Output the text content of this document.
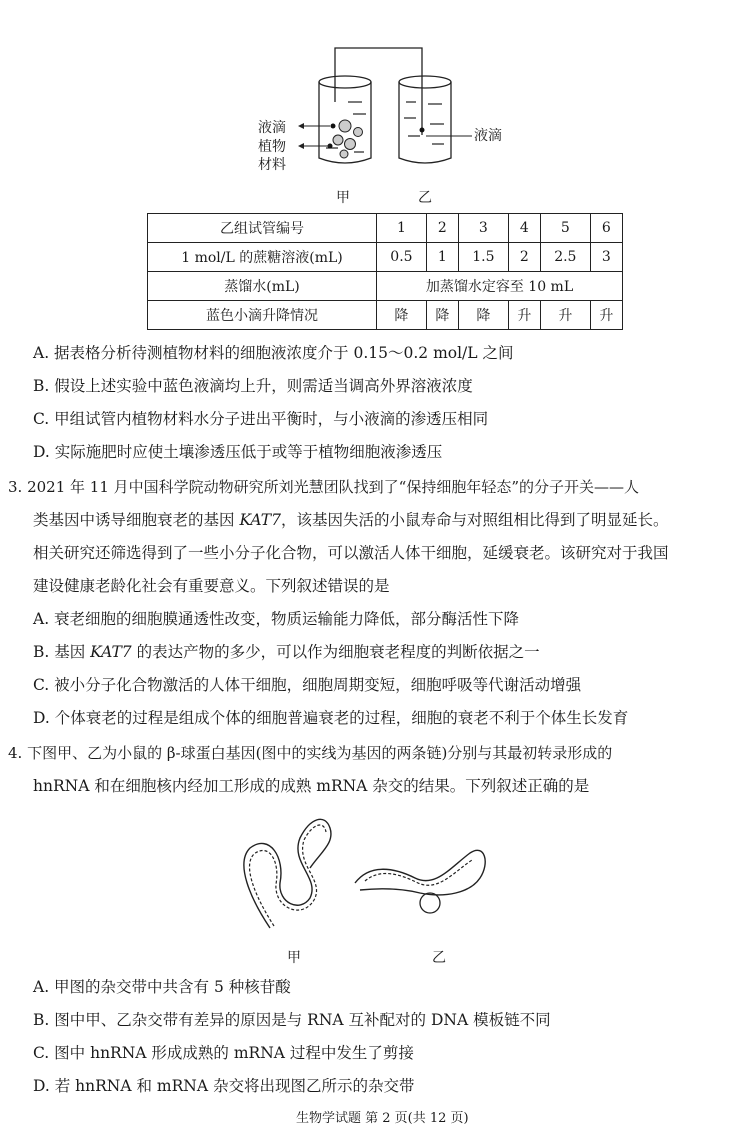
液滴
植物
材料
液滴
甲	乙
乙组试管编号	1	2	3	4	5	6
1 mol/L 的蔗糖溶液(mL)	0.5	1	1.5	2	2.5	3
蒸馏水(mL)	加蒸馏水定容至 10 mL					
蓝色小滴升降情况	降	降	降	升	升	升
A. 据表格分析待测植物材料的细胞液浓度介于 0.15～0.2 mol/L 之间
B. 假设上述实验中蓝色液滴均上升，则需适当调高外界溶液浓度
C. 甲组试管内植物材料水分子进出平衡时，与小液滴的渗透压相同
D. 实际施肥时应使土壤渗透压低于或等于植物细胞液渗透压
3. 2021 年 11 月中国科学院动物研究所刘光慧团队找到了“保持细胞年轻态”的分子开关——人
类基因中诱导细胞衰老的基因 KAT7，该基因失活的小鼠寿命与对照组相比得到了明显延长。
相关研究还筛选得到了一些小分子化合物，可以激活人体干细胞，延缓衰老。该研究对于我国
建设健康老龄化社会有重要意义。下列叙述错误的是
A. 衰老细胞的细胞膜通透性改变，物质运输能力降低，部分酶活性下降
B. 基因 KAT7 的表达产物的多少，可以作为细胞衰老程度的判断依据之一
C. 被小分子化合物激活的人体干细胞，细胞周期变短，细胞呼吸等代谢活动增强
D. 个体衰老的过程是组成个体的细胞普遍衰老的过程，细胞的衰老不利于个体生长发育
4. 下图甲、乙为小鼠的 β-球蛋白基因(图中的实线为基因的两条链)分别与其最初转录形成的
hnRNA 和在细胞核内经加工形成的成熟 mRNA 杂交的结果。下列叙述正确的是
甲	乙
A. 甲图的杂交带中共含有 5 种核苷酸
B. 图中甲、乙杂交带有差异的原因是与 RNA 互补配对的 DNA 模板链不同
C. 图中 hnRNA 形成成熟的 mRNA 过程中发生了剪接
D. 若 hnRNA 和 mRNA 杂交将出现图乙所示的杂交带
生物学试题 第 2 页(共 12 页)
